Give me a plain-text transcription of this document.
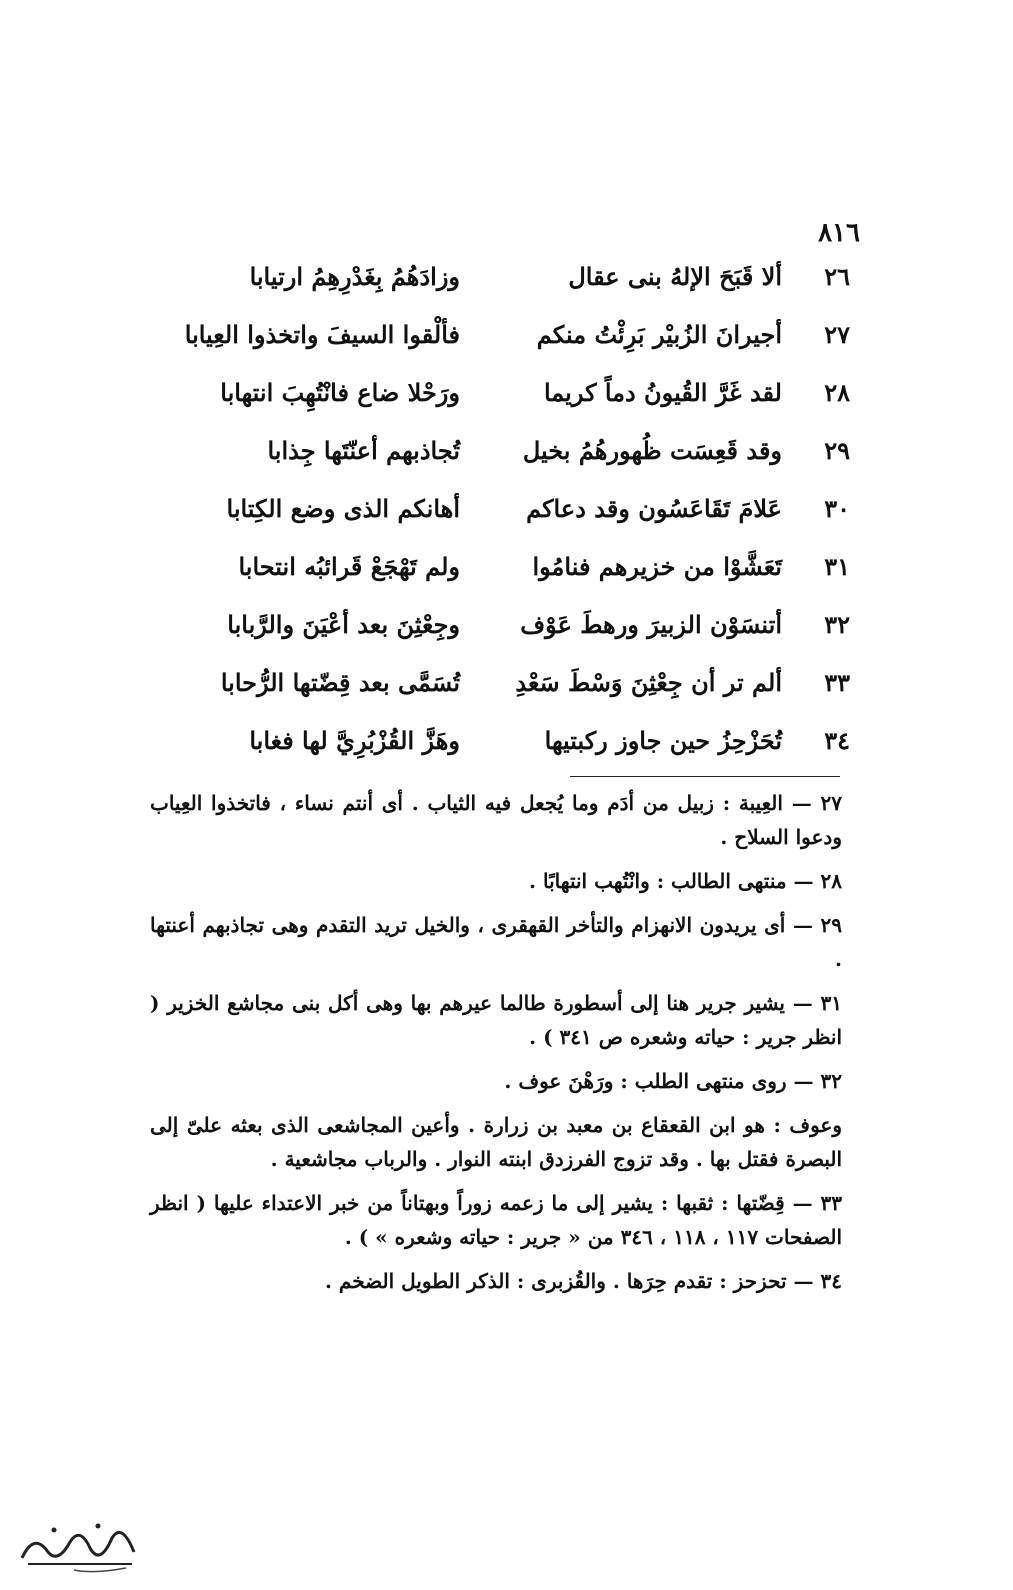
٨١٦
٢٦
ألا قَبَحَ الإلهُ بنى عقال
وزادَهُمُ بِغَدْرِهِمُ ارتيابا
٢٧
أجيرانَ الزُبيْر بَرِئْتُ منكم
فألْقوا السيفَ واتخذوا العِيابا
٢٨
لقد غَرَّ القُيونُ دماً كريما
ورَحْلا ضاع فانْتُهِبَ انتهابا
٢٩
وقد قَعِسَت ظُهورهُمُ بخيل
تُجاذبهم أعنّتَها جِذابا
٣٠
عَلامَ تَقَاعَسُون وقد دعاكم
أهانكم الذى وضع الكِتابا
٣١
تَعَشَّوْا من خزيرهم فنامُوا
ولم تَهْجَعْ قَرائبُه انتحابا
٣٢
أتنسَوْن الزبيرَ ورهطَ عَوْف
وجِعْثِنَ بعد أعْيَنَ والرَّبابا
٣٣
ألم تر أن جِعْثِنَ وَسْطَ سَعْدِ
تُسَمَّى بعد قِضّتها الرُّحابا
٣٤
تُحَزْحِزُ حين جاوز ركبتيها
وهَزَّ القُزْبُرِيَّ لها فغابا
٢٧ —

العِيبة : زبيل من أدَم وما يُجعل فيه الثياب . أى أنتم نساء ، فاتخذوا العِياب ودعوا السلاح .

٢٨ —

منتهى الطالب : وانْتُهب انتهابًا .

٢٩ —

أى يريدون الانهزام والتأخر القهقرى ، والخيل تريد التقدم وهى تجاذبهم أعنتها .

٣١ —

يشير جرير هنا إلى أسطورة طالما عيرهم بها وهى أكل بنى مجاشع الخزير ( انظر جرير : حياته وشعره ص ٣٤١ ) .

٣٢ —

روى منتهى الطلب : ورَهْنَ عوف .

وعوف : هو ابن القعقاع بن معبد بن زرارة . وأعين المجاشعى الذى بعثه علىّ إلى البصرة فقتل بها . وقد تزوج الفرزدق ابنته النوار . والرباب مجاشعية .

٣٣ —

قِضّتها : ثقبها : يشير إلى ما زعمه زوراً وبهتاناً من خبر الاعتداء عليها ( انظر الصفحات ١١٧ ، ١١٨ ، ٣٤٦ من « جرير : حياته وشعره » ) .

٣٤ —

تحزحز : تقدم حِرَها . والقُزبرى : الذكر الطويل الضخم .
